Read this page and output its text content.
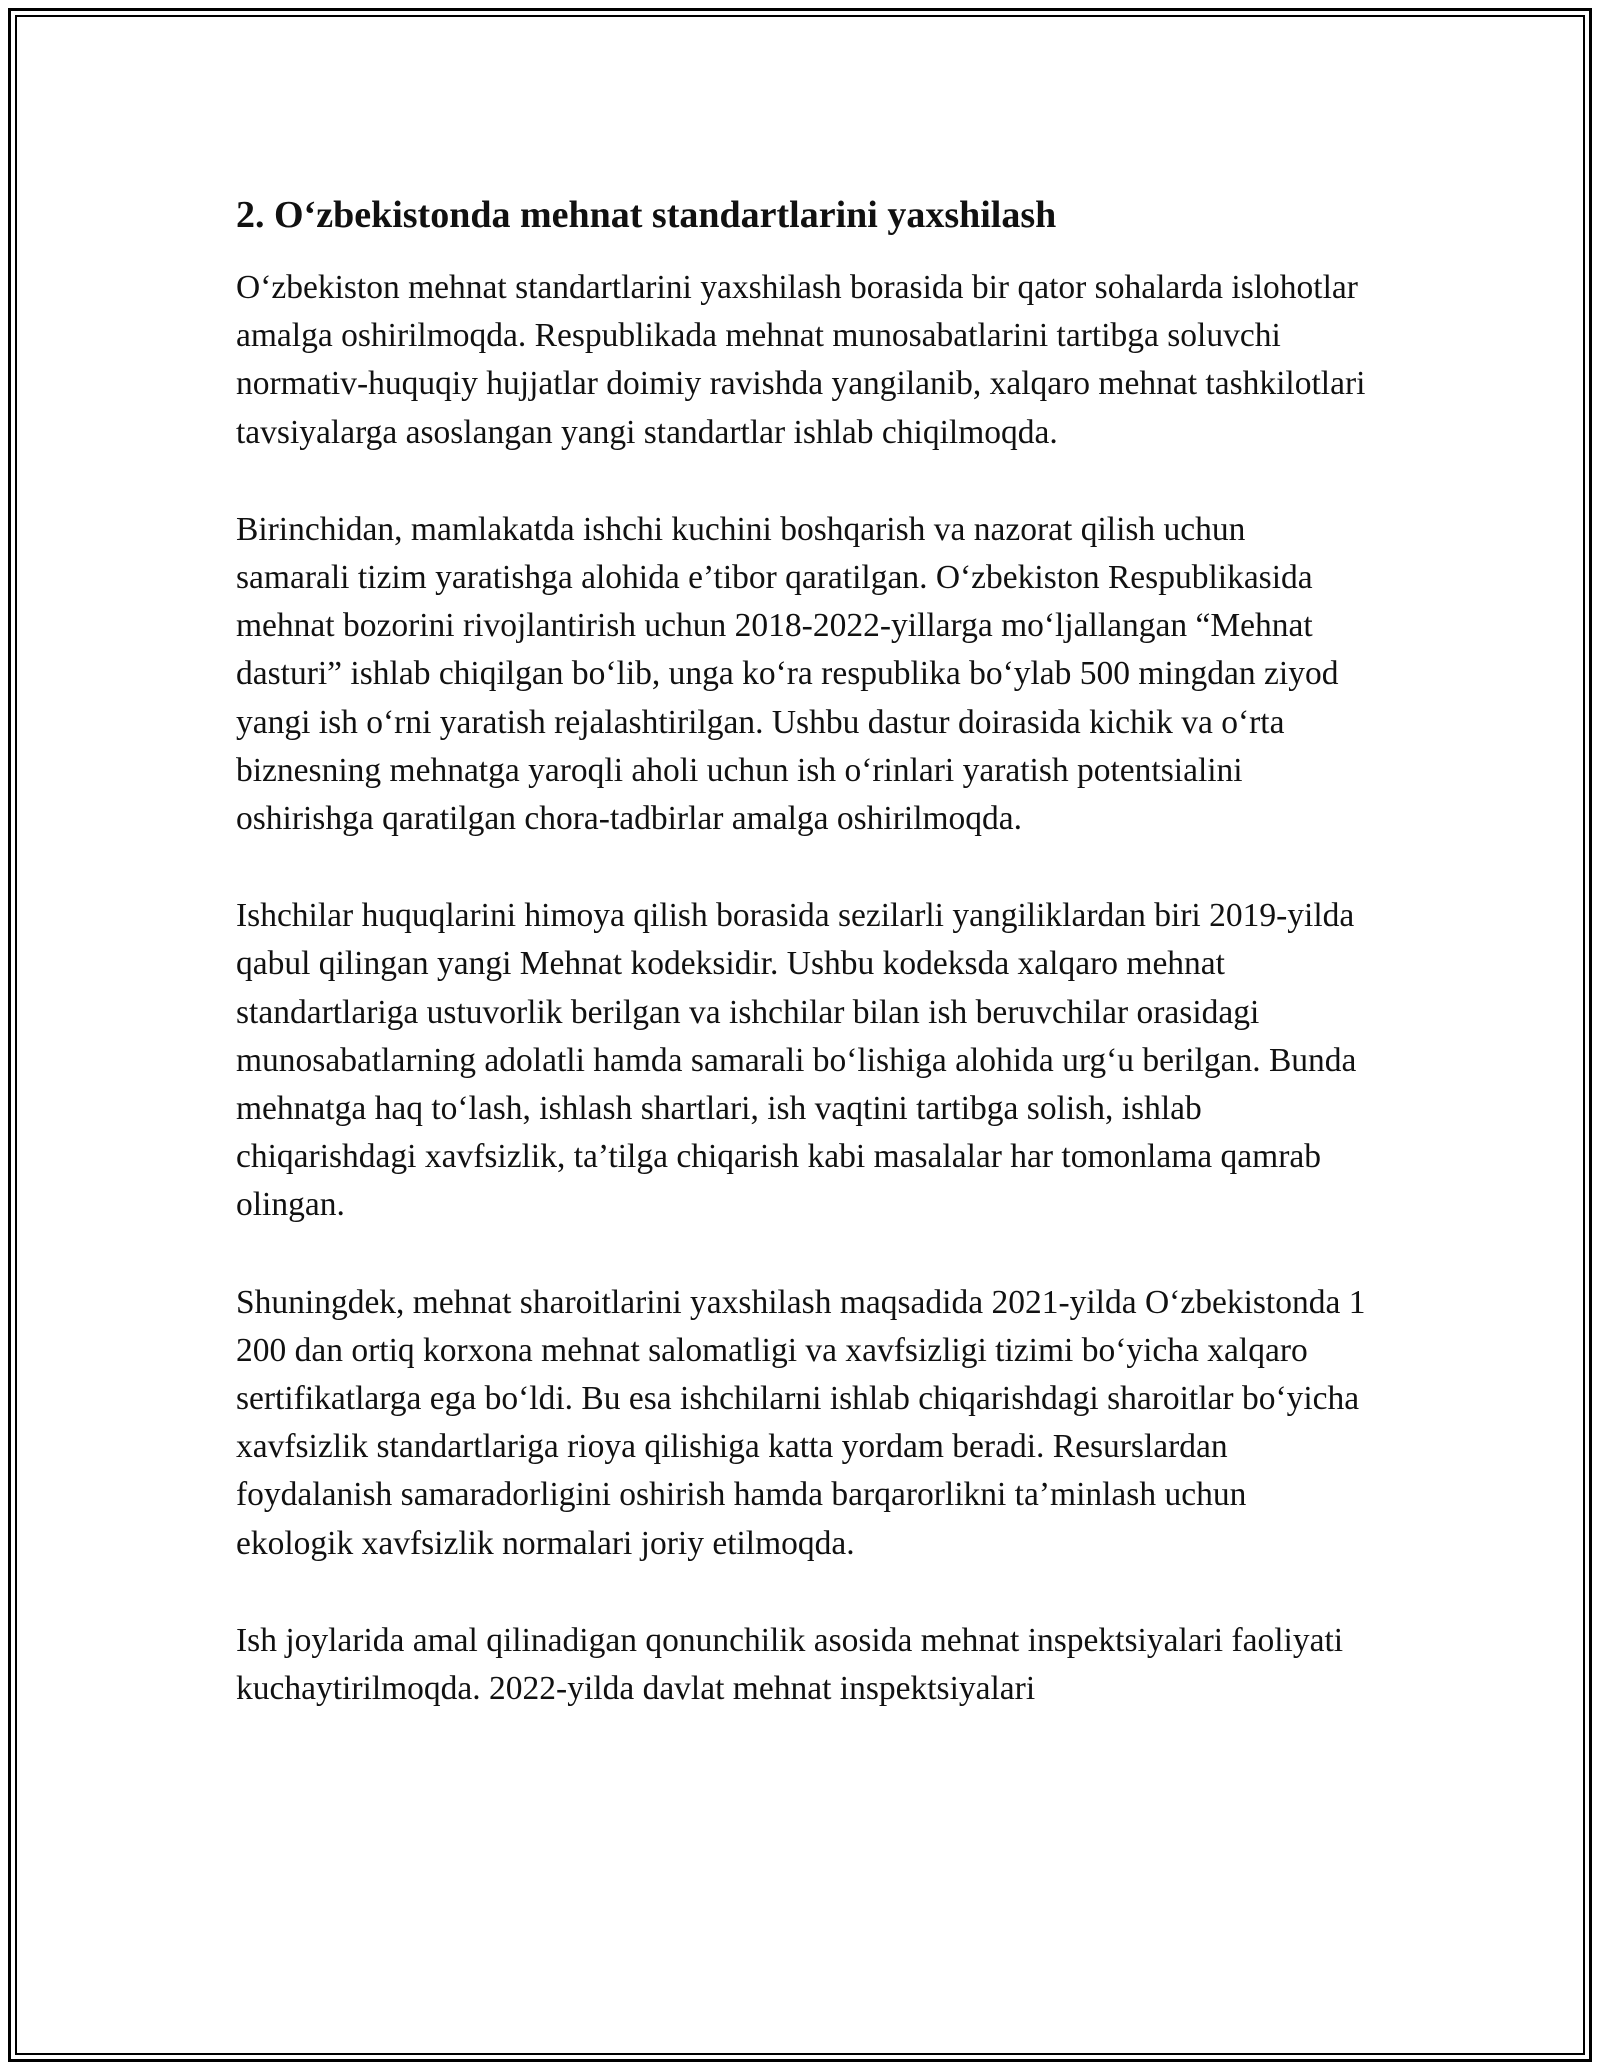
2. O‘zbekistonda mehnat standartlarini yaxshilash

O‘zbekiston mehnat standartlarini yaxshilash borasida bir qator sohalarda islohotlar amalga oshirilmoqda. Respublikada mehnat munosabatlarini tartibga soluvchi normativ-huquqiy hujjatlar doimiy ravishda yangilanib, xalqaro mehnat tashkilotlari tavsiyalarga asoslangan yangi standartlar ishlab chiqilmoqda.

Birinchidan, mamlakatda ishchi kuchini boshqarish va nazorat qilish uchun samarali tizim yaratishga alohida e’tibor qaratilgan. O‘zbekiston Respublikasida mehnat bozorini rivojlantirish uchun 2018-2022-yillarga mo‘ljallangan “Mehnat dasturi” ishlab chiqilgan bo‘lib, unga ko‘ra respublika bo‘ylab 500 mingdan ziyod yangi ish o‘rni yaratish rejalashtirilgan. Ushbu dastur doirasida kichik va o‘rta biznesning mehnatga yaroqli aholi uchun ish o‘rinlari yaratish potentsialini oshirishga qaratilgan chora-tadbirlar amalga oshirilmoqda.

Ishchilar huquqlarini himoya qilish borasida sezilarli yangiliklardan biri 2019-yilda qabul qilingan yangi Mehnat kodeksidir. Ushbu kodeksda xalqaro mehnat standartlariga ustuvorlik berilgan va ishchilar bilan ish beruvchilar orasidagi munosabatlarning adolatli hamda samarali bo‘lishiga alohida urg‘u berilgan. Bunda mehnatga haq to‘lash, ishlash shartlari, ish vaqtini tartibga solish, ishlab chiqarishdagi xavfsizlik, ta’tilga chiqarish kabi masalalar har tomonlama qamrab olingan.

Shuningdek, mehnat sharoitlarini yaxshilash maqsadida 2021-yilda O‘zbekistonda 1 200 dan ortiq korxona mehnat salomatligi va xavfsizligi tizimi bo‘yicha xalqaro sertifikatlarga ega bo‘ldi. Bu esa ishchilarni ishlab chiqarishdagi sharoitlar bo‘yicha xavfsizlik standartlariga rioya qilishiga katta yordam beradi. Resurslardan foydalanish samaradorligini oshirish hamda barqarorlikni ta’minlash uchun ekologik xavfsizlik normalari joriy etilmoqda.

Ish joylarida amal qilinadigan qonunchilik asosida mehnat inspektsiyalari faoliyati kuchaytirilmoqda. 2022-yilda davlat mehnat inspektsiyalari
